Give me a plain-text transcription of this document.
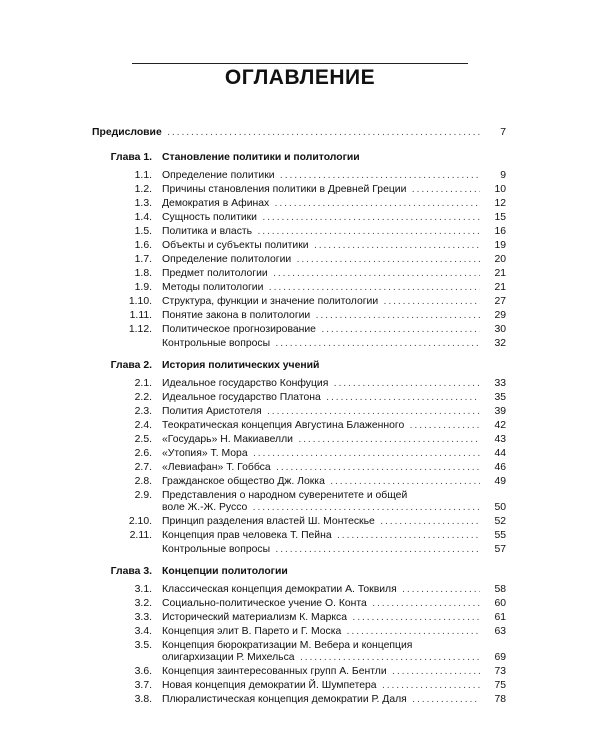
ОГЛАВЛЕНИЕ
Предисловие . . .	7
Глава 1. Становление политики и политологии
1.1. Определение политики . . .	9
1.2. Причины становления политики в Древней Греции . . .	10
1.3. Демократия в Афинах . . .	12
1.4. Сущность политики . . .	15
1.5. Политика и власть . . .	16
1.6. Объекты и субъекты политики . . .	19
1.7. Определение политологии . . .	20
1.8. Предмет политологии . . .	21
1.9. Методы политологии . . .	21
1.10. Структура, функции и значение политологии . . .	27
1.11. Понятие закона в политологии . . .	29
1.12. Политическое прогнозирование . . .	30
Контрольные вопросы . . .	32
Глава 2. История политических учений
2.1. Идеальное государство Конфуция . . .	33
2.2. Идеальное государство Платона . . .	35
2.3. Полития Аристотеля . . .	39
2.4. Теократическая концепция Августина Блаженного . . .	42
2.5. «Государь» Н. Макиавелли . . .	43
2.6. «Утопия» Т. Мора . . .	44
2.7. «Левиафан» Т. Гоббса . . .	46
2.8. Гражданское общество Дж. Локка . . .	49
2.9. Представления о народном суверенитете и общей
воле Ж.-Ж. Руссо . . .	50
2.10. Принцип разделения властей Ш. Монтескье . . .	52
2.11. Концепция прав человека Т. Пейна . . .	55
Контрольные вопросы . . .	57
Глава 3. Концепции политологии
3.1. Классическая концепция демократии А. Токвиля . . .	58
3.2. Социально-политическое учение О. Конта . . .	60
3.3. Исторический материализм К. Маркса . . .	61
3.4. Концепция элит В. Парето и Г. Моска . . .	63
3.5. Концепция бюрократизации М. Вебера и концепция
олигархизации Р. Михельса . . .	69
3.6. Концепция заинтересованных групп А. Бентли . . .	73
3.7. Новая концепция демократии Й. Шумпетера . . .	75
3.8. Плюралистическая концепция демократии Р. Даля . . .	78
